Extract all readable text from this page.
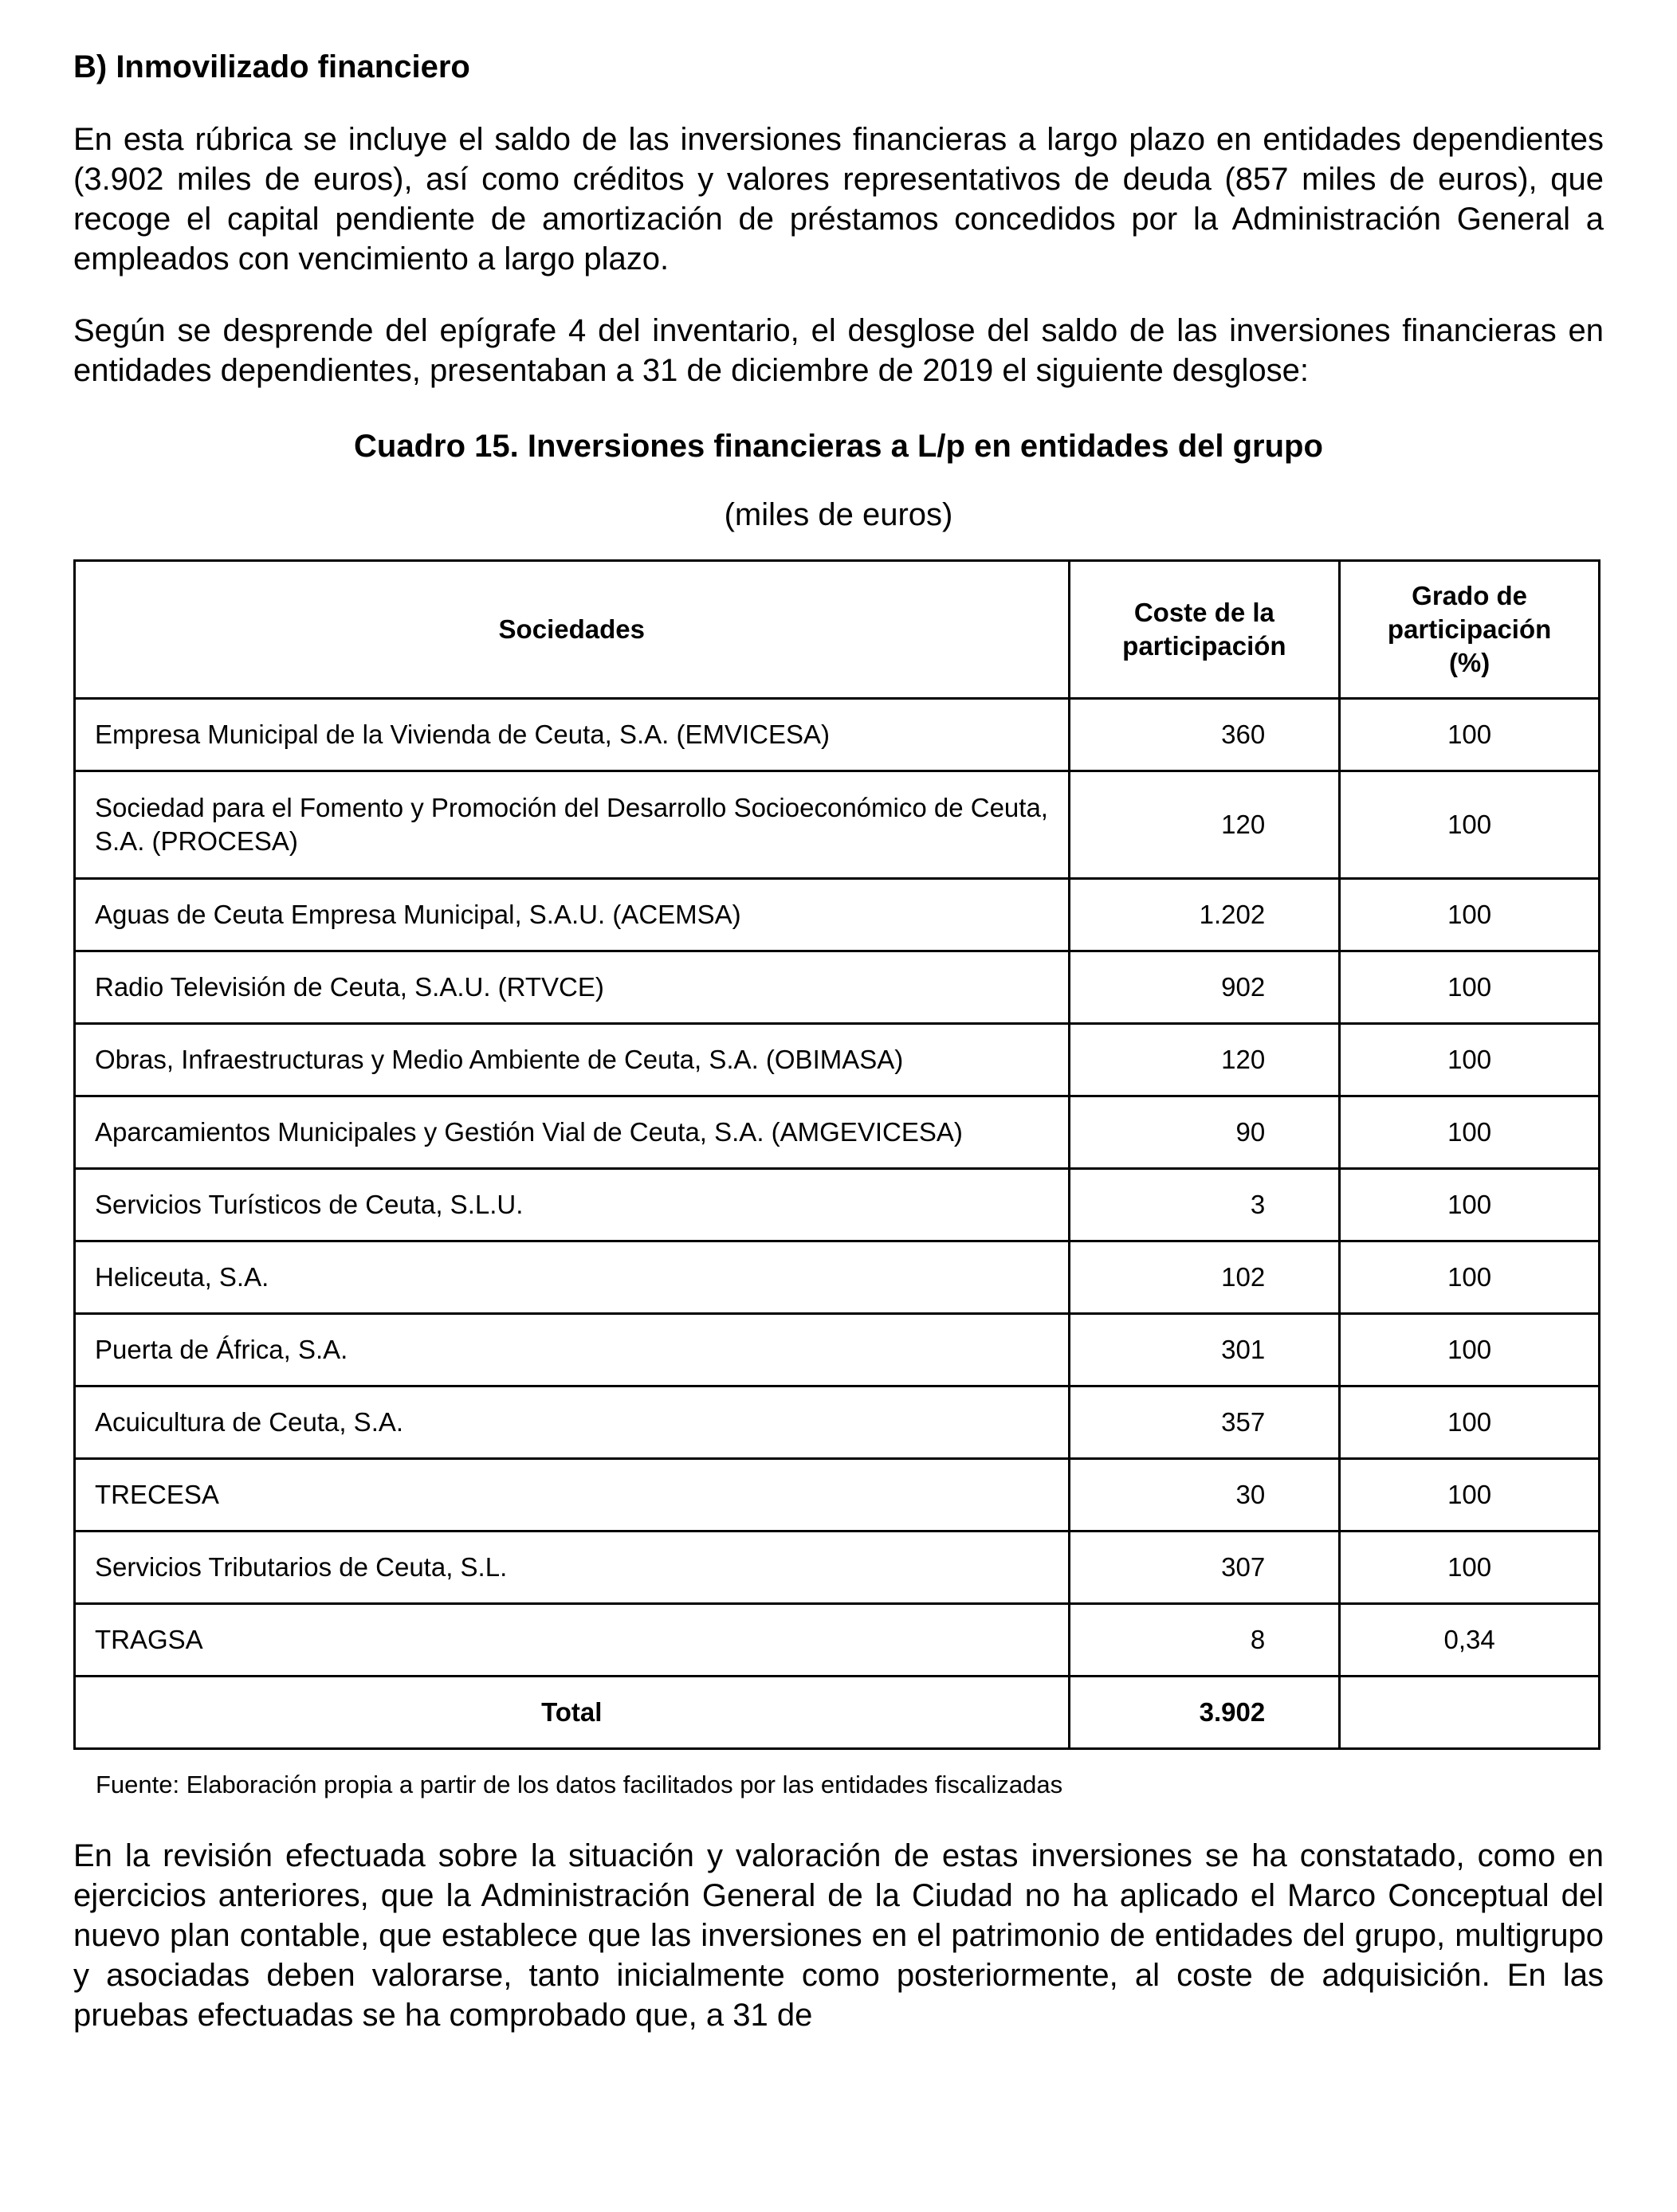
B) Inmovilizado financiero

En esta rúbrica se incluye el saldo de las inversiones financieras a largo plazo en entidades dependientes (3.902 miles de euros), así como créditos y valores representativos de deuda (857 miles de euros), que recoge el capital pendiente de amortización de préstamos concedidos por la Administración General a empleados con vencimiento a largo plazo.

Según se desprende del epígrafe 4 del inventario, el desglose del saldo de las inversiones financieras en entidades dependientes, presentaban a 31 de diciembre de 2019 el siguiente desglose:

Cuadro 15. Inversiones financieras a L/p en entidades del grupo
(miles de euros)
Sociedades	Coste de la participación	Grado de participación (%)

Empresa Municipal de la Vivienda de Ceuta, S.A. (EMVICESA)	360	100
Sociedad para el Fomento y Promoción del Desarrollo Socioeconómico de Ceuta, S.A. (PROCESA)	120	100
Aguas de Ceuta Empresa Municipal, S.A.U. (ACEMSA)	1.202	100
Radio Televisión de Ceuta, S.A.U. (RTVCE)	902	100
Obras, Infraestructuras y Medio Ambiente de Ceuta, S.A. (OBIMASA)	120	100
Aparcamientos Municipales y Gestión Vial de Ceuta, S.A. (AMGEVICESA)	90	100
Servicios Turísticos de Ceuta, S.L.U.	3	100
Heliceuta, S.A.	102	100
Puerta de África, S.A.	301	100
Acuicultura de Ceuta, S.A.	357	100
TRECESA	30	100
Servicios Tributarios de Ceuta, S.L.	307	100
TRAGSA	8	0,34
Total	3.902	
Fuente: Elaboración propia a partir de los datos facilitados por las entidades fiscalizadas

En la revisión efectuada sobre la situación y valoración de estas inversiones se ha constatado, como en ejercicios anteriores, que la Administración General de la Ciudad no ha aplicado el Marco Conceptual del nuevo plan contable, que establece que las inversiones en el patrimonio de entidades del grupo, multigrupo y asociadas deben valorarse, tanto inicialmente como posteriormente, al coste de adquisición. En las pruebas efectuadas se ha comprobado que, a 31 de
